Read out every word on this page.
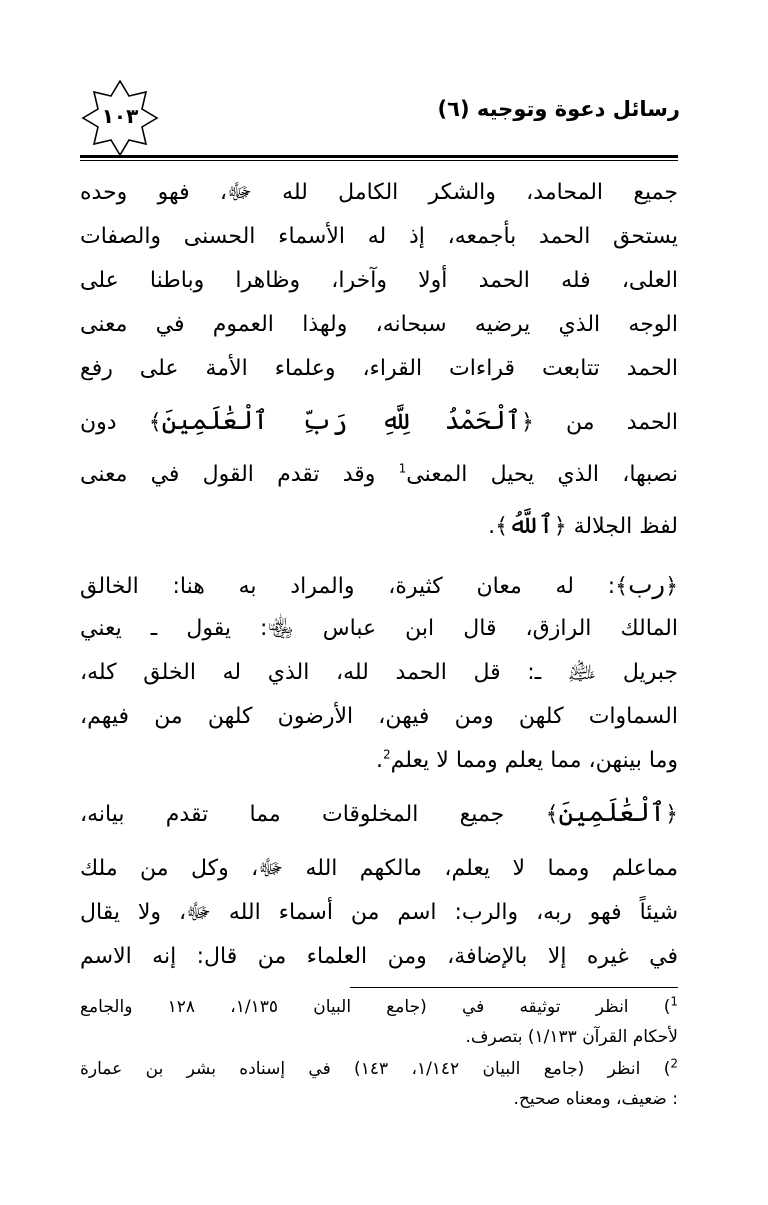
رسائل دعوة وتوجيه (٦)
١٠٣
جميع المحامد، والشكر الكامل لله ﷻ، فهو وحده
يستحق الحمد بأجمعه، إذ له الأسماء الحسنى والصفات
العلى، فله الحمد أولا وآخرا، وظاهرا وباطنا على
الوجه الذي يرضيه سبحانه، ولهذا العموم في معنى
الحمد تتابعت قراءات القراء، وعلماء الأمة على رفع
الحمد من ﴿ٱلْحَمْدُ لِلَّهِ رَبِّ ٱلْعَٰلَمِينَ﴾ دون
نصبها، الذي يحيل المعنى$^1$ وقد تقدم القول في معنى
لفظ الجلالة ﴿ٱللَّهُ﴾.
﴿رب﴾: له معان كثيرة، والمراد به هنا: الخالق
المالك الرازق، قال ابن عباس ﵄: يقول ـ يعني
جبريل ﵇ ـ: قل الحمد لله، الذي له الخلق كله،
السماوات كلهن ومن فيهن، الأرضون كلهن من فيهم،
وما بينهن، مما يعلم ومما لا يعلم$^2$.
﴿ٱلْعَٰلَمِينَ﴾ جميع المخلوقات مما تقدم بيانه،
مماعلم ومما لا يعلم، مالكهم الله ﷻ، وكل من ملك
شيئاً فهو ربه، والرب: اسم من أسماء الله ﷻ، ولا يقال
في غيره إلا بالإضافة، ومن العلماء من قال: إنه الاسم
$^1$) انظر توثيقه في (جامع البيان ١/١٣٥، ١٢٨ والجامع
لأحكام القرآن ١/١٣٣) بتصرف.
$^2$) انظر (جامع البيان ١/١٤٢، ١٤٣) في إسناده بشر بن عمارة
: ضعيف، ومعناه صحيح.
